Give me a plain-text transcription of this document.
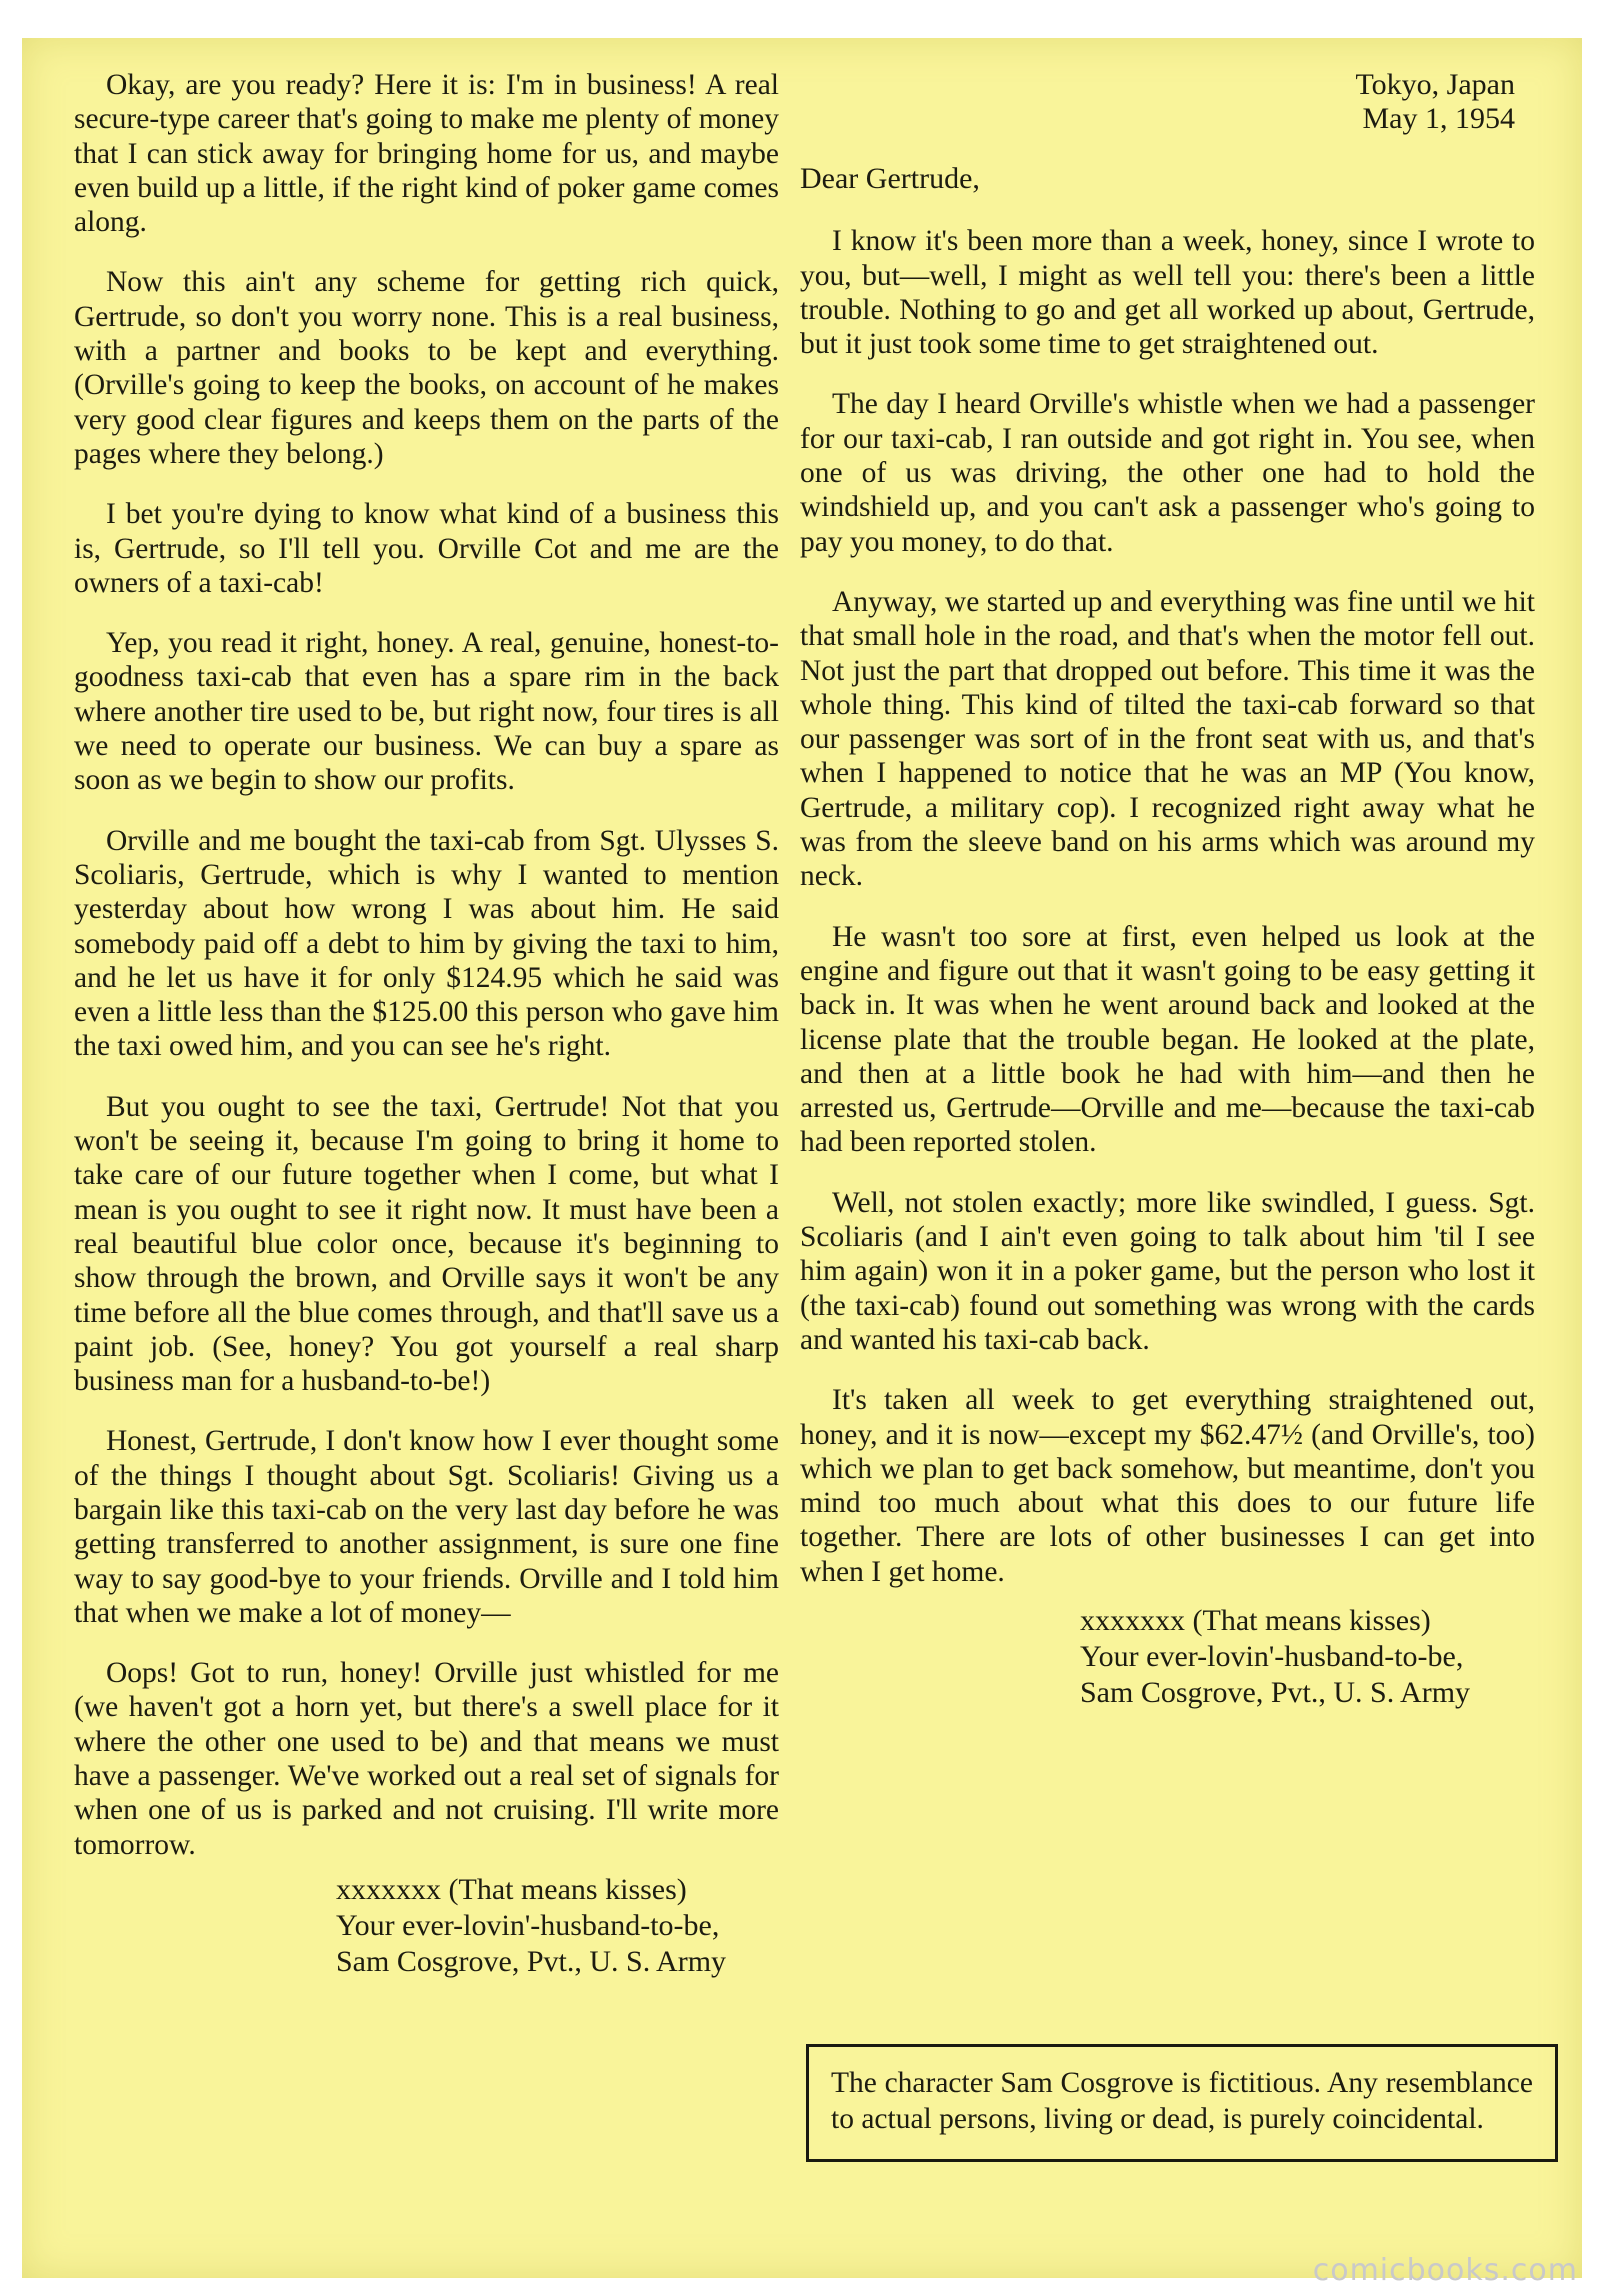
Okay, are you ready? Here it is: I'm in business! A real secure-type career that's going to make me plenty of money that I can stick away for bringing home for us, and maybe even build up a little, if the right kind of poker game comes along.

Now this ain't any scheme for getting rich quick, Gertrude, so don't you worry none. This is a real business, with a partner and books to be kept and everything. (Orville's going to keep the books, on account of he makes very good clear figures and keeps them on the parts of the pages where they belong.)

I bet you're dying to know what kind of a business this is, Gertrude, so I'll tell you. Orville Cot and me are the owners of a taxi-cab!

Yep, you read it right, honey. A real, genuine, honest-to-goodness taxi-cab that even has a spare rim in the back where another tire used to be, but right now, four tires is all we need to operate our business. We can buy a spare as soon as we begin to show our profits.

Orville and me bought the taxi-cab from Sgt. Ulysses S. Scoliaris, Gertrude, which is why I wanted to mention yesterday about how wrong I was about him. He said somebody paid off a debt to him by giving the taxi to him, and he let us have it for only $124.95 which he said was even a little less than the $125.00 this person who gave him the taxi owed him, and you can see he's right.

But you ought to see the taxi, Gertrude! Not that you won't be seeing it, because I'm going to bring it home to take care of our future together when I come, but what I mean is you ought to see it right now. It must have been a real beautiful blue color once, because it's beginning to show through the brown, and Orville says it won't be any time before all the blue comes through, and that'll save us a paint job. (See, honey? You got yourself a real sharp business man for a husband-to-be!)

Honest, Gertrude, I don't know how I ever thought some of the things I thought about Sgt. Scoliaris! Giving us a bargain like this taxi-cab on the very last day before he was getting transferred to another assignment, is sure one fine way to say good-bye to your friends. Orville and I told him that when we make a lot of money—

Oops! Got to run, honey! Orville just whistled for me (we haven't got a horn yet, but there's a swell place for it where the other one used to be) and that means we must have a passenger. We've worked out a real set of signals for when one of us is parked and not cruising. I'll write more tomorrow.

xxxxxxx (That means kisses)
Your ever-lovin'-husband-to-be,
Sam Cosgrove, Pvt., U. S. Army
Tokyo, Japan
May 1, 1954
Dear Gertrude,

I know it's been more than a week, honey, since I wrote to you, but—well, I might as well tell you: there's been a little trouble. Nothing to go and get all worked up about, Gertrude, but it just took some time to get straightened out.

The day I heard Orville's whistle when we had a passenger for our taxi-cab, I ran outside and got right in. You see, when one of us was driving, the other one had to hold the windshield up, and you can't ask a passenger who's going to pay you money, to do that.

Anyway, we started up and everything was fine until we hit that small hole in the road, and that's when the motor fell out. Not just the part that dropped out before. This time it was the whole thing. This kind of tilted the taxi-cab forward so that our passenger was sort of in the front seat with us, and that's when I happened to notice that he was an MP (You know, Gertrude, a military cop). I recognized right away what he was from the sleeve band on his arms which was around my neck.

He wasn't too sore at first, even helped us look at the engine and figure out that it wasn't going to be easy getting it back in. It was when he went around back and looked at the license plate that the trouble began. He looked at the plate, and then at a little book he had with him—and then he arrested us, Gertrude—Orville and me—because the taxi-cab had been reported stolen.

Well, not stolen exactly; more like swindled, I guess. Sgt. Scoliaris (and I ain't even going to talk about him 'til I see him again) won it in a poker game, but the person who lost it (the taxi-cab) found out something was wrong with the cards and wanted his taxi-cab back.

It's taken all week to get everything straightened out, honey, and it is now—except my $62.47½ (and Orville's, too) which we plan to get back somehow, but meantime, don't you mind too much about what this does to our future life together. There are lots of other businesses I can get into when I get home.

xxxxxxx (That means kisses)
Your ever-lovin'-husband-to-be,
Sam Cosgrove, Pvt., U. S. Army
The character Sam Cosgrove is fictitious. Any resemblance to actual persons, living or dead, is purely coincidental.
comicbooks.com
